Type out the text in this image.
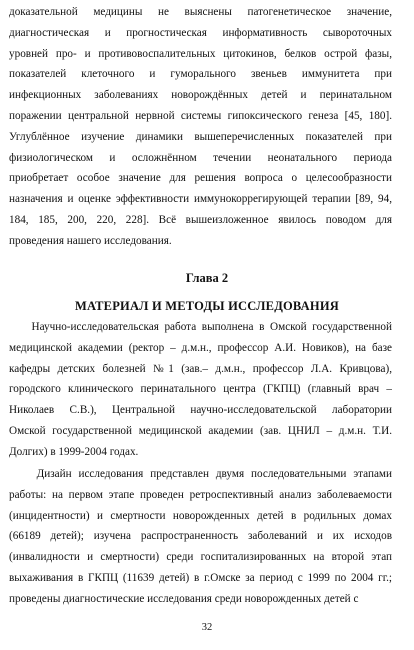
доказательной медицины не выяснены патогенетическое значение,
диагностическая и прогностическая информативность сывороточных
уровней про- и противовоспалительных цитокинов, белков острой фазы,
показателей клеточного и гуморального звеньев иммунитета при
инфекционных заболеваниях новорождённых детей и перинатальном
поражении центральной нервной системы гипоксического генеза [45, 180].
Углублённое изучение динамики вышеперечисленных показателей при
физиологическом и осложнённом течении неонатального периода
приобретает особое значение для решения вопроса о целесообразности
назначения и оценке эффективности иммунокоррегирующей терапии [89, 94,
184, 185, 200, 220, 228]. Всё вышеизложенное явилось поводом для
проведения нашего исследования.
Глава 2
МАТЕРИАЛ И МЕТОДЫ ИССЛЕДОВАНИЯ
Научно-исследовательская работа выполнена в Омской государственной
медицинской академии (ректор – д.м.н., профессор А.И. Новиков), на базе
кафедры детских болезней №1 (зав.– д.м.н., профессор Л.А. Кривцова),
городского клинического перинатального центра (ГКПЦ) (главный врач –
Николаев С.В.), Центральной научно-исследовательской лаборатории
Омской государственной медицинской академии (зав. ЦНИЛ – д.м.н. Т.И.
Долгих) в 1999-2004 годах.
Дизайн исследования представлен двумя последовательными этапами
работы: на первом этапе проведен ретроспективный анализ заболеваемости
(инцидентности) и смертности новорожденных детей в родильных домах
(66189 детей); изучена распространенность заболеваний и их исходов
(инвалидности и смертности) среди госпитализированных на второй этап
выхаживания в ГКПЦ (11639 детей) в г.Омске за период с 1999 по 2004 гг.;
проведены диагностические исследования среди новорожденных детей с
32
